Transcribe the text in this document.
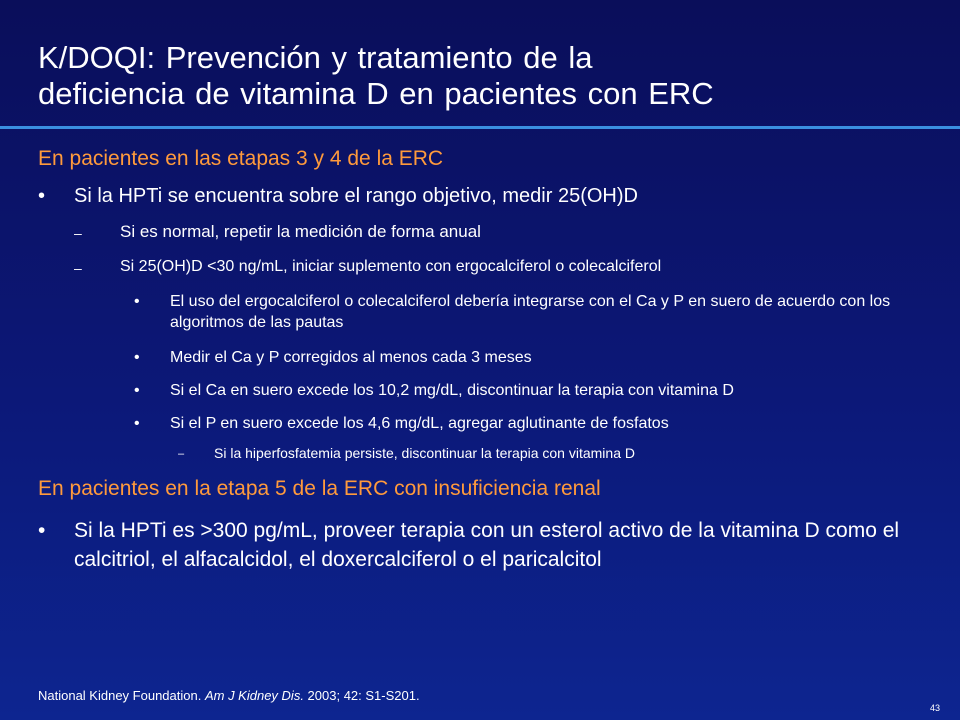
K/DOQI: Prevención y tratamiento de la
deficiencia de vitamina D en pacientes con ERC
En pacientes en las etapas 3 y 4 de la ERC
•	Si la HPTi se encuentra sobre el rango objetivo, medir 25(OH)D
–	Si es normal, repetir la medición de forma anual
–	Si 25(OH)D <30 ng/mL, iniciar suplemento con ergocalciferol o colecalciferol
•	El uso del ergocalciferol o colecalciferol debería integrarse con el Ca y P en suero de acuerdo con los algoritmos de las pautas
•	Medir el Ca y P corregidos al menos cada 3 meses
•	Si el Ca en suero excede los 10,2 mg/dL, discontinuar la terapia con vitamina D
•	Si el P en suero excede los 4,6 mg/dL, agregar aglutinante de fosfatos
–	Si la hiperfosfatemia persiste, discontinuar la terapia con vitamina D
En pacientes en la etapa 5 de la ERC con insuficiencia renal
•	Si la HPTi es >300 pg/mL, proveer terapia con un esterol activo de la vitamina D como el calcitriol, el alfacalcidol, el doxercalciferol o el paricalcitol
National Kidney Foundation. Am J Kidney Dis. 2003; 42: S1-S201.
43
